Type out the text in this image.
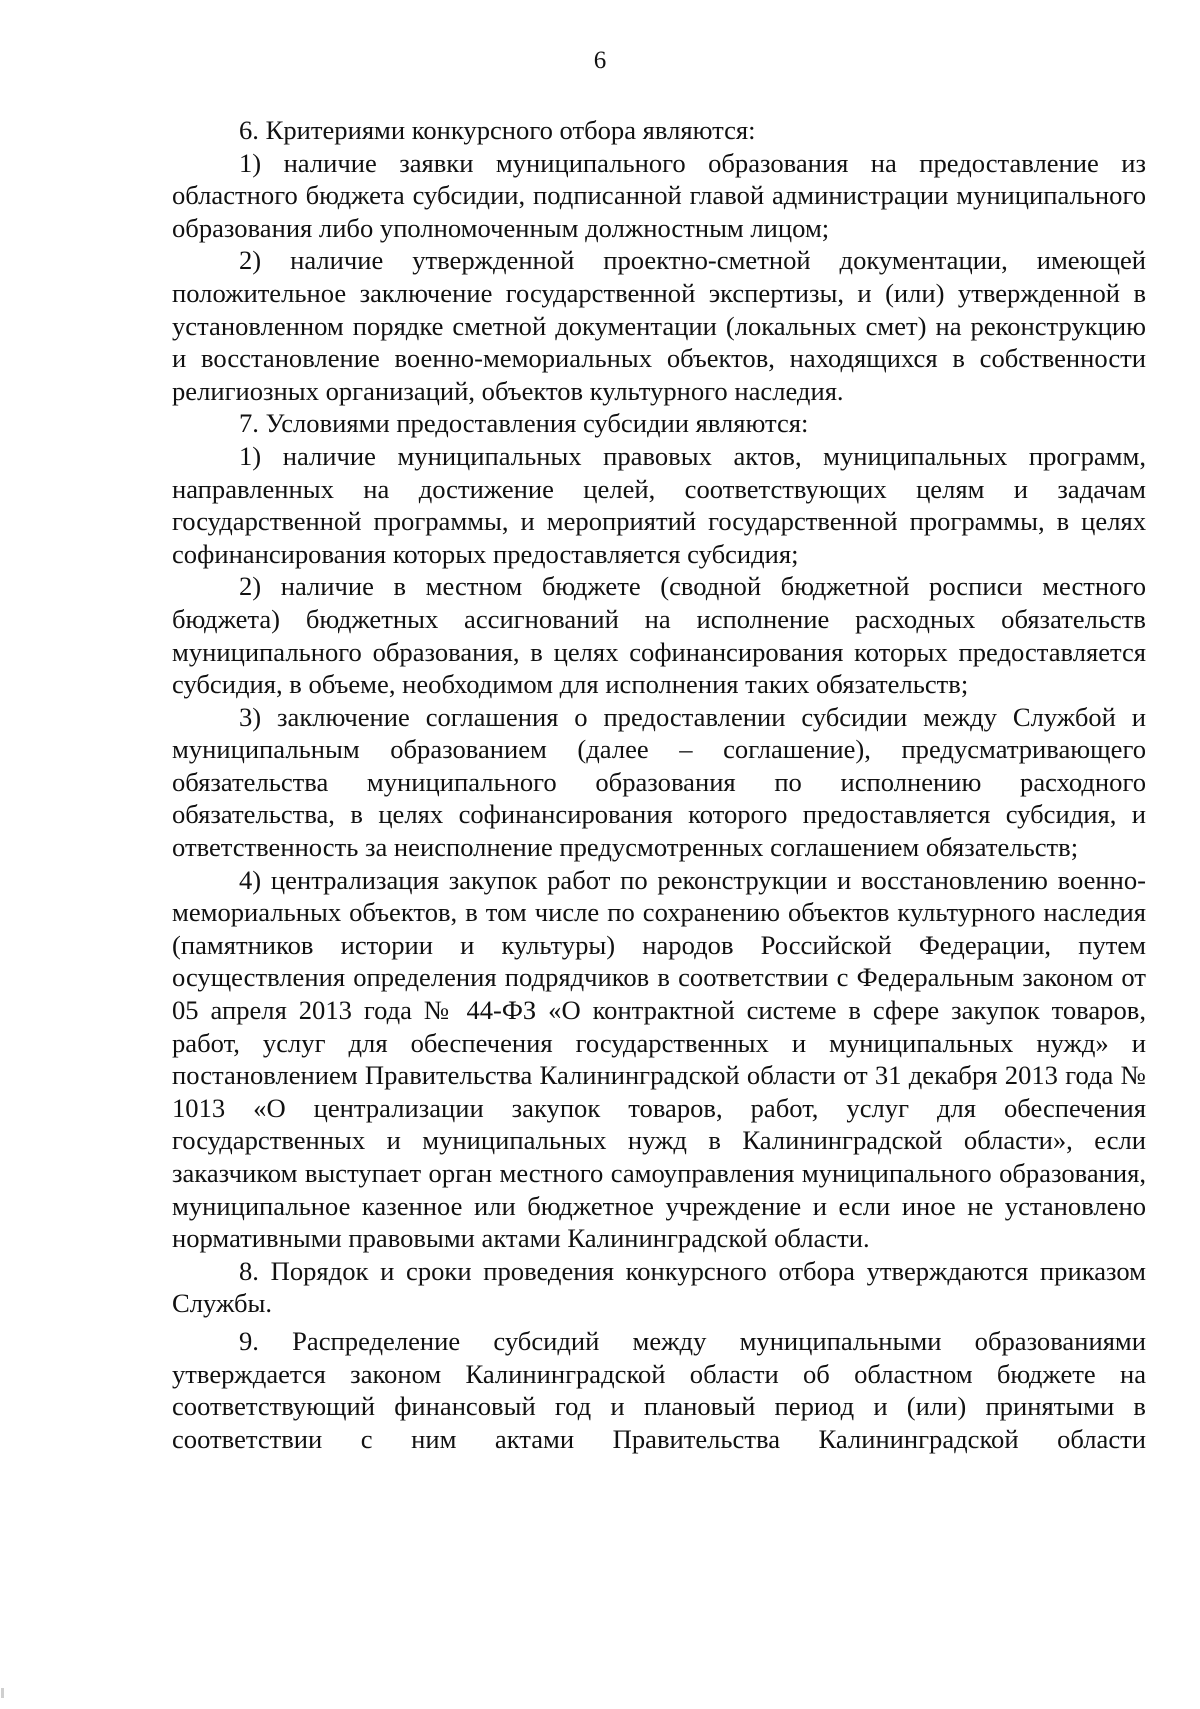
6

6. Критериями конкурсного отбора являются:

1) наличие заявки муниципального образования на предоставление из областного бюджета субсидии, подписанной главой администрации муниципального образования либо уполномоченным должностным лицом;

2) наличие утвержденной проектно-сметной документации, имеющей положительное заключение государственной экспертизы, и (или) утвержденной в установленном порядке сметной документации (локальных смет) на реконструкцию и восстановление военно-мемориальных объектов, находящихся в собственности религиозных организаций, объектов культурного наследия.

7. Условиями предоставления субсидии являются:

1) наличие муниципальных правовых актов, муниципальных программ, направленных на достижение целей, соответствующих целям и задачам государственной программы, и мероприятий государственной программы, в целях софинансирования которых предоставляется субсидия;

2) наличие в местном бюджете (сводной бюджетной росписи местного бюджета) бюджетных ассигнований на исполнение расходных обязательств муниципального образования, в целях софинансирования которых предоставляется субсидия, в объеме, необходимом для исполнения таких обязательств;

3) заключение соглашения о предоставлении субсидии между Службой и муниципальным образованием (далее – соглашение), предусматривающего обязательства муниципального образования по исполнению расходного обязательства, в целях софинансирования которого предоставляется субсидия, и ответственность за неисполнение предусмотренных соглашением обязательств;

4) централизация закупок работ по реконструкции и восстановлению военно-мемориальных объектов, в том числе по сохранению объектов культурного наследия (памятников истории и культуры) народов Российской Федерации, путем осуществления определения подрядчиков в соответствии с Федеральным законом от 05 апреля 2013 года № 44-ФЗ «О контрактной системе в сфере закупок товаров, работ, услуг для обеспечения государственных и муниципальных нужд» и постановлением Правительства Калининградской области от 31 декабря 2013 года № 1013 «О централизации закупок товаров, работ, услуг для обеспечения государственных и муниципальных нужд в Калининградской области», если заказчиком выступает орган местного самоуправления муниципального образования, муниципальное казенное или бюджетное учреждение и если иное не установлено нормативными правовыми актами Калининградской области.

8. Порядок и сроки проведения конкурсного отбора утверждаются приказом Службы.

9. Распределение субсидий между муниципальными образованиями утверждается законом Калининградской области об областном бюджете на соответствующий финансовый год и плановый период и (или) принятыми в соответствии с ним актами Правительства Калининградской области
